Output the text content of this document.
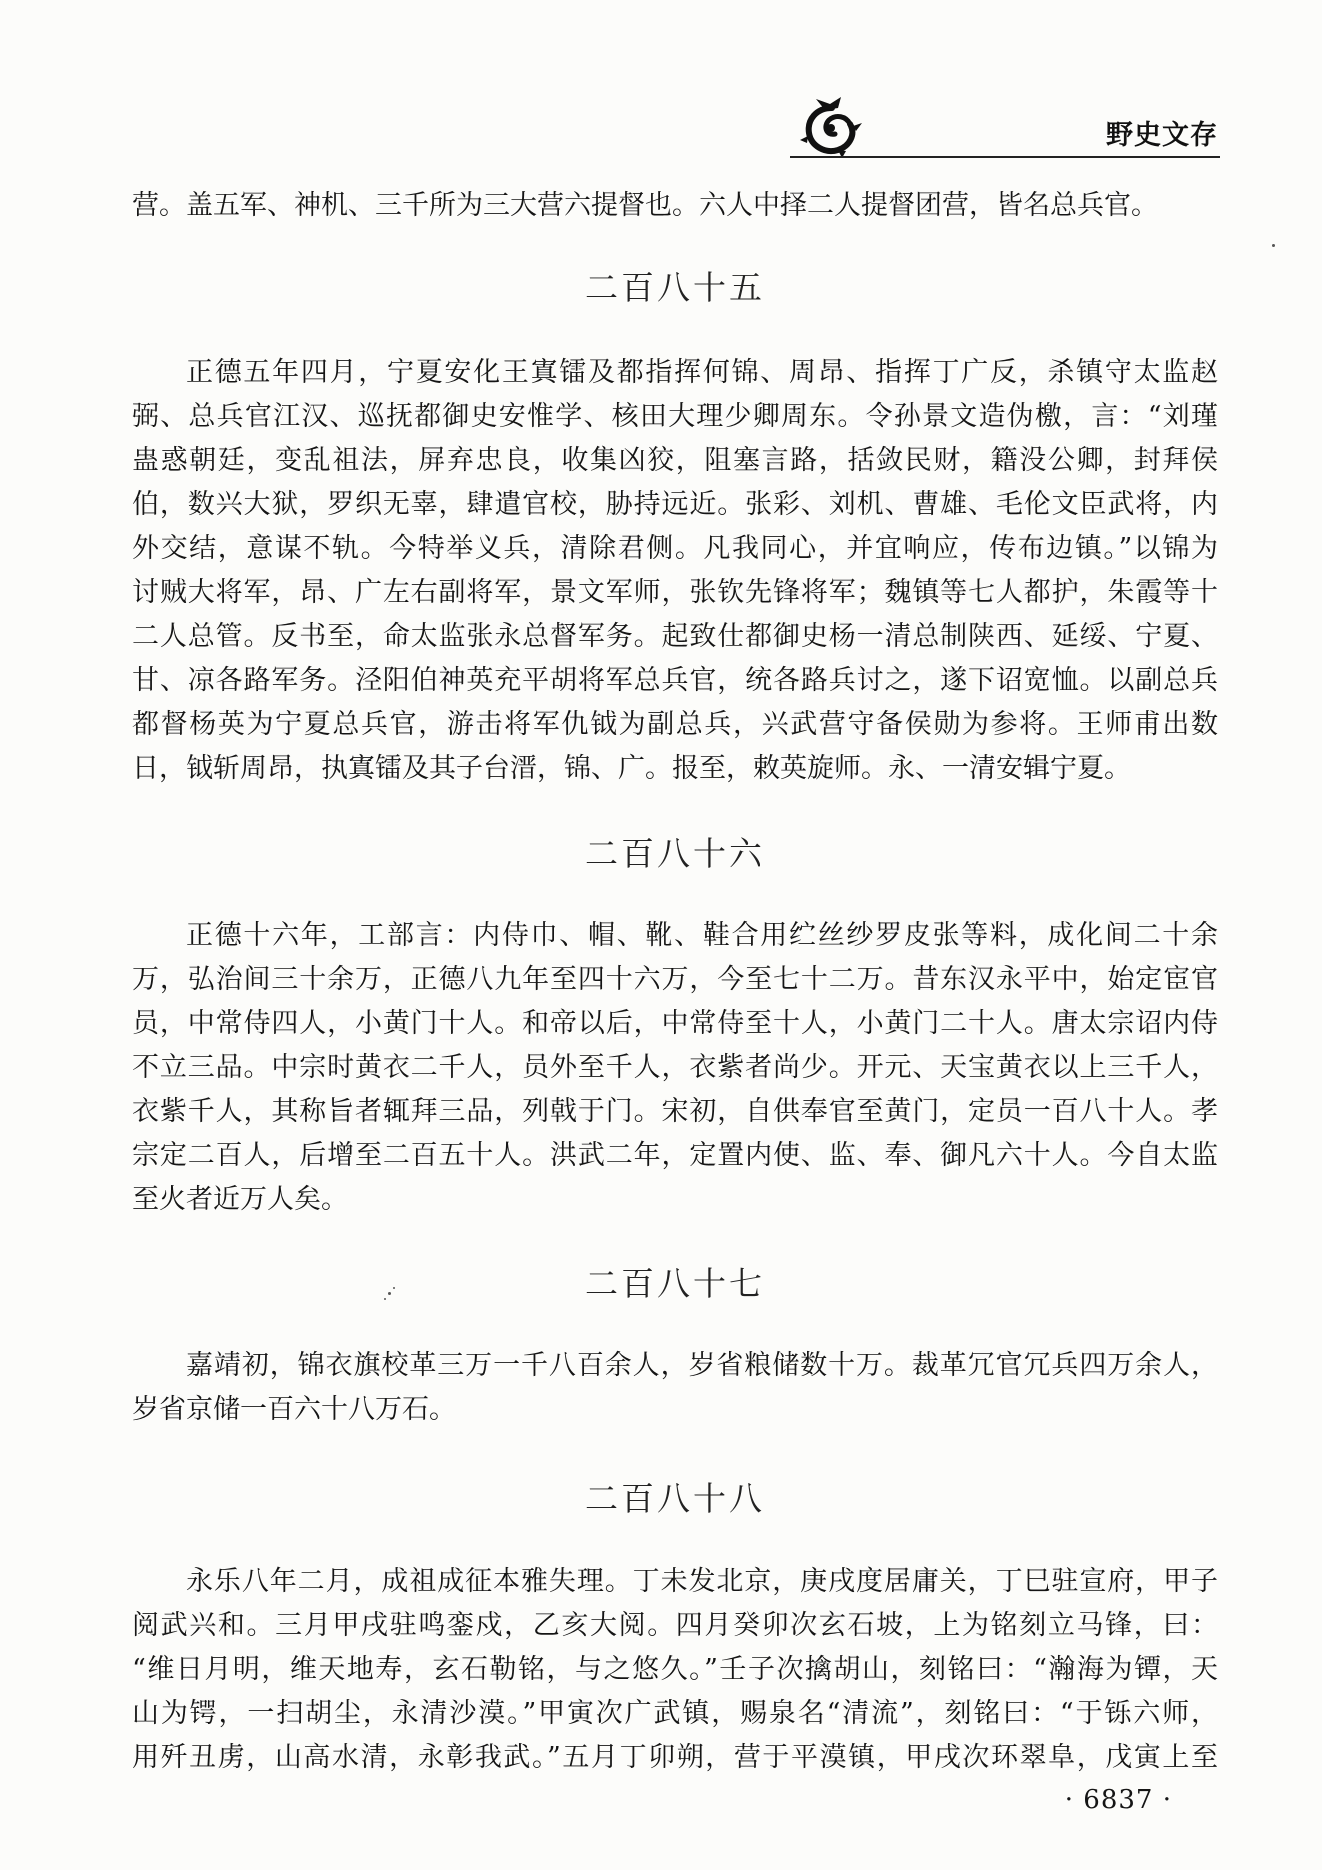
野史文存
营。盖五军、神机、三千所为三大营六提督也。六人中择二人提督团营，皆名总兵官。
二百八十五
正德五年四月，宁夏安化王寘镭及都指挥何锦、周昂、指挥丁广反，杀镇守太监赵
弼、总兵官江汉、巡抚都御史安惟学、核田大理少卿周东。令孙景文造伪檄，言：“刘瑾
蛊惑朝廷，变乱祖法，屏弃忠良，收集凶狡，阻塞言路，括敛民财，籍没公卿，封拜侯
伯，数兴大狱，罗织无辜，肆遣官校，胁持远近。张彩、刘机、曹雄、毛伦文臣武将，内
外交结，意谋不轨。今特举义兵，清除君侧。凡我同心，并宜响应，传布边镇。”以锦为
讨贼大将军，昂、广左右副将军，景文军师，张钦先锋将军；魏镇等七人都护，朱霞等十
二人总管。反书至，命太监张永总督军务。起致仕都御史杨一清总制陕西、延绥、宁夏、
甘、凉各路军务。泾阳伯神英充平胡将军总兵官，统各路兵讨之，遂下诏宽恤。以副总兵
都督杨英为宁夏总兵官，游击将军仇钺为副总兵，兴武营守备侯勋为参将。王师甫出数
日，钺斩周昂，执寘镭及其子台溍，锦、广。报至，敕英旋师。永、一清安辑宁夏。
二百八十六
正德十六年，工部言：内侍巾、帽、靴、鞋合用纻丝纱罗皮张等料，成化间二十余
万，弘治间三十余万，正德八九年至四十六万，今至七十二万。昔东汉永平中，始定宦官
员，中常侍四人，小黄门十人。和帝以后，中常侍至十人，小黄门二十人。唐太宗诏内侍
不立三品。中宗时黄衣二千人，员外至千人，衣紫者尚少。开元、天宝黄衣以上三千人，
衣紫千人，其称旨者辄拜三品，列戟于门。宋初，自供奉官至黄门，定员一百八十人。孝
宗定二百人，后增至二百五十人。洪武二年，定置内使、监、奉、御凡六十人。今自太监
至火者近万人矣。
二百八十七
嘉靖初，锦衣旗校革三万一千八百余人，岁省粮储数十万。裁革冗官冗兵四万余人，
岁省京储一百六十八万石。
二百八十八
永乐八年二月，成祖成征本雅失理。丁未发北京，庚戌度居庸关，丁巳驻宣府，甲子
阅武兴和。三月甲戌驻鸣銮戍，乙亥大阅。四月癸卯次玄石坡，上为铭刻立马锋，曰：
“维日月明，维天地寿，玄石勒铭，与之悠久。”壬子次擒胡山，刻铭曰：“瀚海为镡，天
山为锷，一扫胡尘，永清沙漠。”甲寅次广武镇，赐泉名“清流”，刻铭曰：“于铄六师，
用歼丑虏，山高水清，永彰我武。”五月丁卯朔，营于平漠镇，甲戌次环翠阜，戊寅上至
· 6837 ·
